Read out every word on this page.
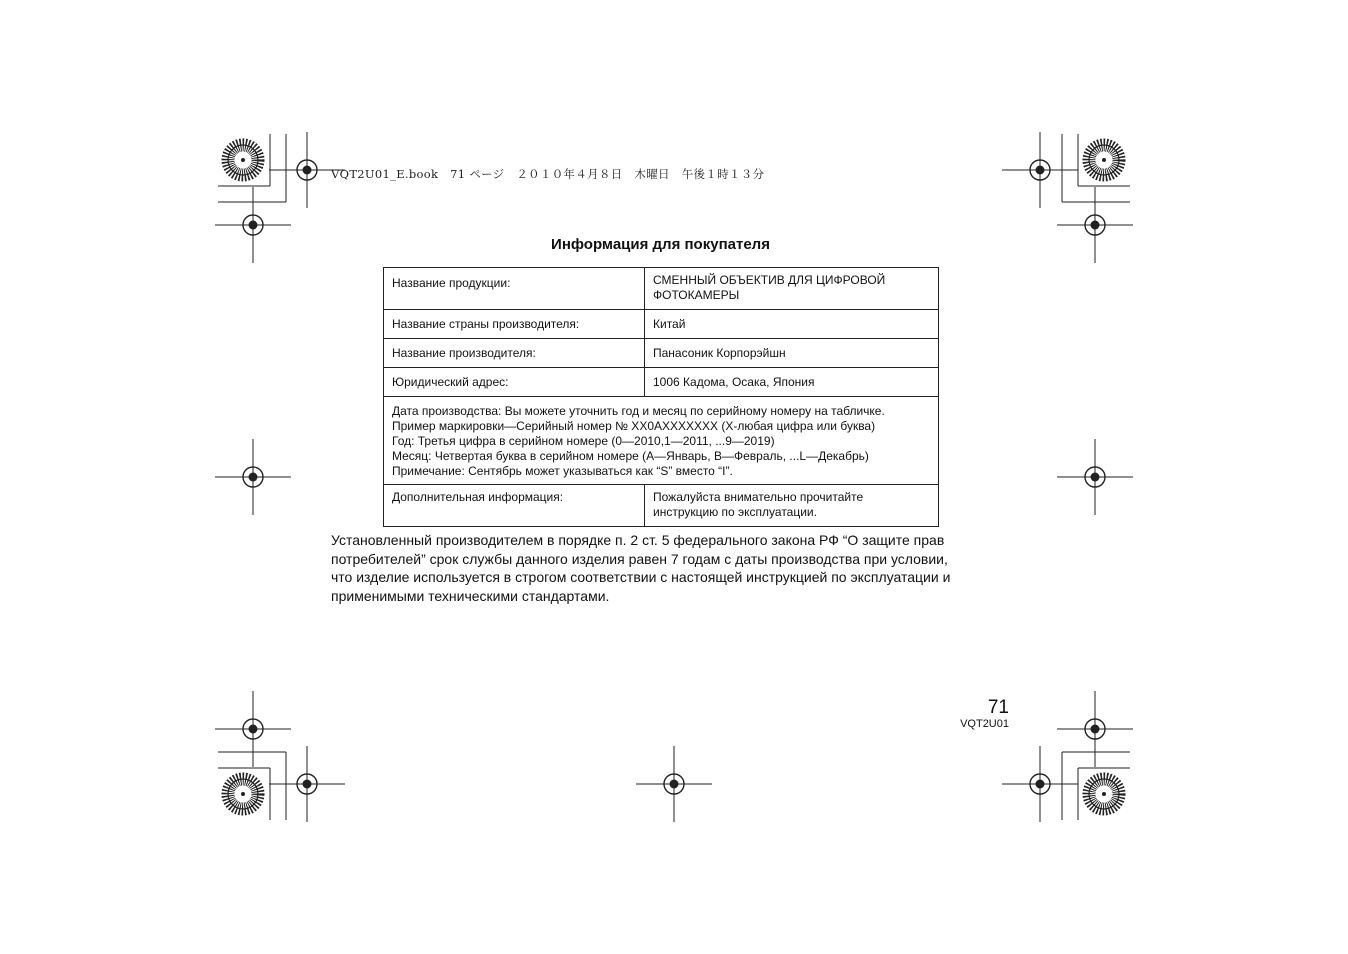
VQT2U01_E.book 71 ページ ２０１０年４月８日 木曜日 午後１時１３分
Информация для покупателя
Название продукции:	СМЕННЫЙ ОБЪЕКТИВ ДЛЯ ЦИФРОВОЙ
ФОТОКАМЕРЫ

Название страны производителя:	Китай

Название производителя:	Панасоник Корпорэйшн

Юридический адрес:	1006 Кадома, Осака, Япония

Дата производства: Вы можете уточнить год и месяц по серийному номеру на табличке.
Пример маркировки—Серийный номер № XX0AXXXXXXX (X-любая цифра или буква)
Год: Третья цифра в серийном номере (0—2010,1—2011, ...9—2019)
Месяц: Четвертая буква в серийном номере (A—Январь, B—Февраль, ...L—Декабрь)
Примечание: Сентябрь может указываться как “S” вместо “I”.	

Дополнительная информация:	Пожалуйста внимательно прочитайте
инструкцию по эксплуатации.
Установленный производителем в порядке п. 2 ст. 5 федерального закона РФ “О защите прав
потребителей” срок службы данного изделия равен 7 годам с даты производства при условии,
что изделие используется в строгом соответствии с настоящей инструкцией по эксплуатации и
применимыми техническими стандартами.
71
VQT2U01
